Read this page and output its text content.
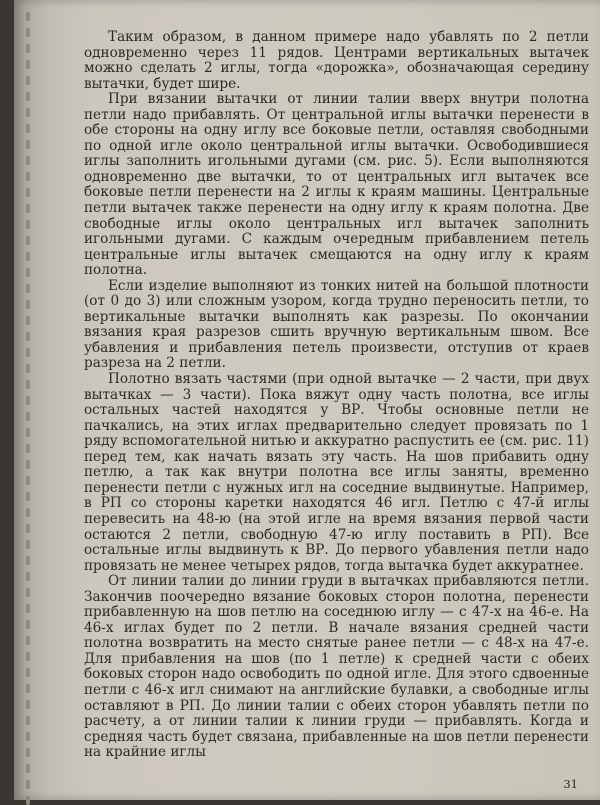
Таким образом, в данном примере надо убавлять по 2 петли одновременно через 11 рядов. Центрами вертикальных вытачек можно сделать 2 иглы, тогда «дорожка», обозначающая середину вытачки, будет шире.

При вязании вытачки от линии талии вверх внутри полотна петли надо прибавлять. От центральной иглы вытачки перенести в обе стороны на одну иглу все боковые петли, оставляя свободными по одной игле около центральной иглы вытачки. Освободившиеся иглы заполнить игольными дугами (см. рис. 5). Если выполняются одновременно две вытачки, то от центральных игл вытачек все боковые петли перенести на 2 иглы к краям машины. Центральные петли вытачек также перенести на одну иглу к краям полотна. Две свободные иглы около центральных игл вытачек заполнить игольными дугами. С каждым очередным прибавлением петель центральные иглы вытачек смещаются на одну иглу к краям полотна.

Если изделие выполняют из тонких нитей на большой плотности (от 0 до 3) или сложным узором, когда трудно переносить петли, то вертикальные вытачки выполнять как разрезы. По окончании вязания края разрезов сшить вручную вертикальным швом. Все убавления и прибавления петель произвести, отступив от краев разреза на 2 петли.

Полотно вязать частями (при одной вытачке — 2 части, при двух вытачках — 3 части). Пока вяжут одну часть полотна, все иглы остальных частей находятся у ВР. Чтобы основные петли не пачкались, на этих иглах предварительно следует провязать по 1 ряду вспомогательной нитью и аккуратно распустить ее (см. рис. 11) перед тем, как начать вязать эту часть. На шов прибавить одну петлю, а так как внутри полотна все иглы заняты, временно перенести петли с нужных игл на соседние выдвинутые. Например, в РП со стороны каретки находятся 46 игл. Петлю с 47-й иглы перевесить на 48-ю (на этой игле на время вязания первой части остаются 2 петли, свободную 47-ю иглу поставить в РП). Все остальные иглы выдвинуть к ВР. До первого убавления петли надо провязать не менее четырех рядов, тогда вытачка будет аккуратнее.

От линии талии до линии груди в вытачках прибавляются петли. Закончив поочередно вязание боковых сторон полотна, перенести прибавленную на шов петлю на соседнюю иглу — с 47-х на 46-е. На 46-х иглах будет по 2 петли. В начале вязания средней части полотна возвратить на место снятые ранее петли — с 48-х на 47-е. Для прибавления на шов (по 1 петле) к средней части с обеих боковых сторон надо освободить по одной игле. Для этого сдвоенные петли с 46-х игл снимают на английские булавки, а свободные иглы оставляют в РП. До линии талии с обеих сторон убавлять петли по расчету, а от линии талии к линии груди — прибавлять. Когда и средняя часть будет связана, прибавленные на шов петли перенести на крайние иглы

31
